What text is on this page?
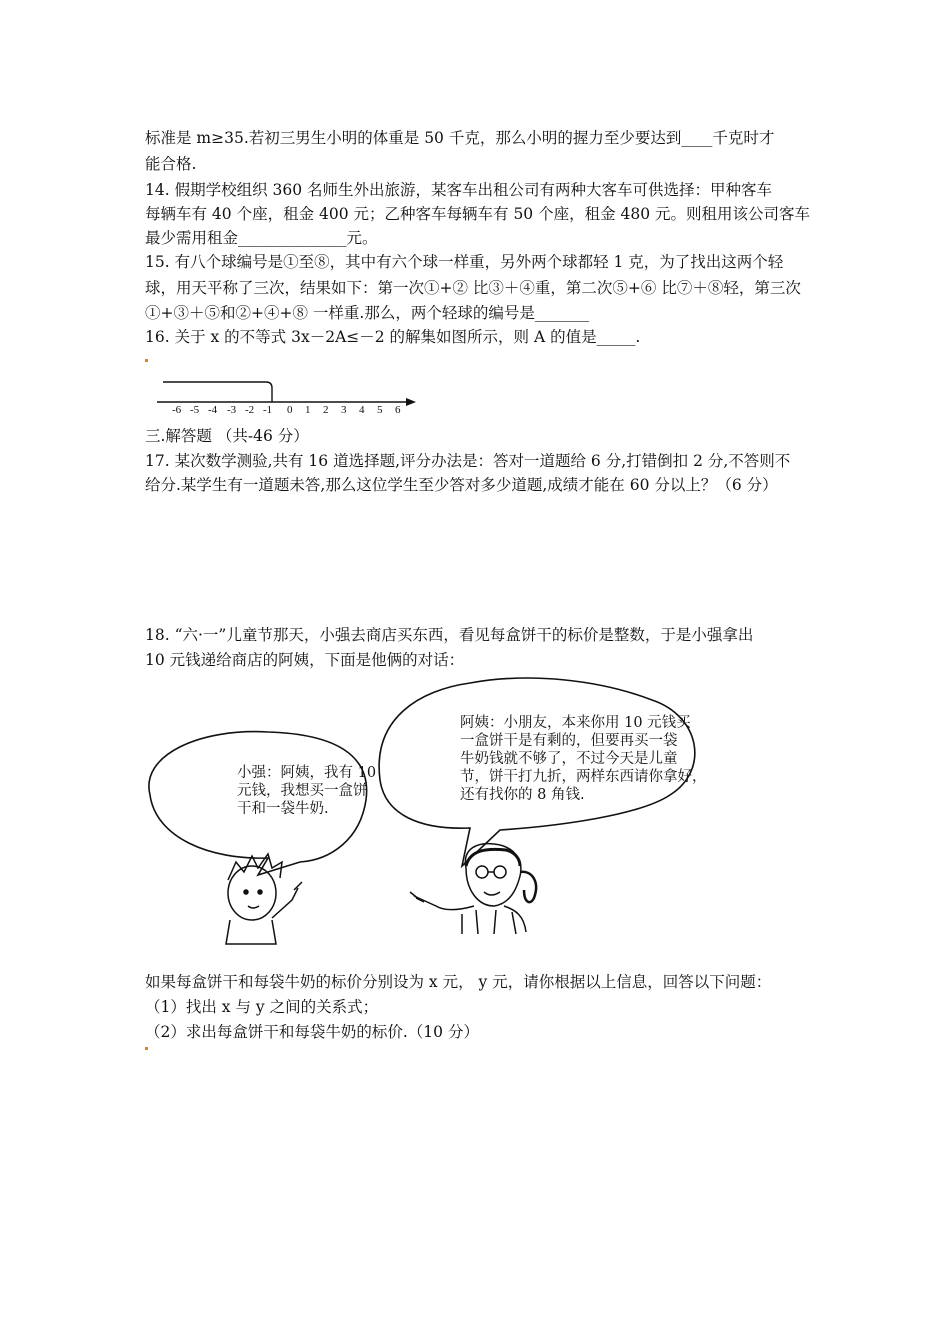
标准是 m≥35.若初三男生小明的体重是 50 千克，那么小明的握力至少要达到____千克时才
能合格.
14. 假期学校组织 360 名师生外出旅游，某客车出租公司有两种大客车可供选择：甲种客车
每辆车有 40 个座，租金 400 元；乙种客车每辆车有 50 个座，租金 480 元。则租用该公司客车
最少需用租金______________元。
15. 有八个球编号是①至⑧，其中有六个球一样重，另外两个球都轻 1 克，为了找出这两个轻
球，用天平称了三次，结果如下：第一次①+② 比③＋④重，第二次⑤+⑥ 比⑦＋⑧轻，第三次
①+③＋⑤和②+④+⑧ 一样重.那么，两个轻球的编号是_______
16. 关于 x 的不等式 3x－2A≤－2 的解集如图所示，则 A 的值是_____.
-6 -5 -4 -3 -2 -1 0 1 2 3 4 5 6
三.解答题 （共-46 分）
17. 某次数学测验,共有 16 道选择题,评分办法是：答对一道题给 6 分,打错倒扣 2 分,不答则不
给分.某学生有一道题未答,那么这位学生至少答对多少道题,成绩才能在 60 分以上？（6 分）
18. “六·一”儿童节那天，小强去商店买东西，看见每盒饼干的标价是整数，于是小强拿出
10 元钱递给商店的阿姨，下面是他俩的对话：
小强：阿姨，我有 10
元钱，我想买一盒饼
干和一袋牛奶.
阿姨：小朋友，本来你用 10 元钱买
一盒饼干是有剩的，但要再买一袋
牛奶钱就不够了，不过今天是儿童
节，饼干打九折，两样东西请你拿好，
还有找你的 8 角钱.
如果每盒饼干和每袋牛奶的标价分别设为 x 元， y 元，请你根据以上信息，回答以下问题：
（1）找出 x 与 y 之间的关系式；
（2）求出每盒饼干和每袋牛奶的标价.（10 分）
